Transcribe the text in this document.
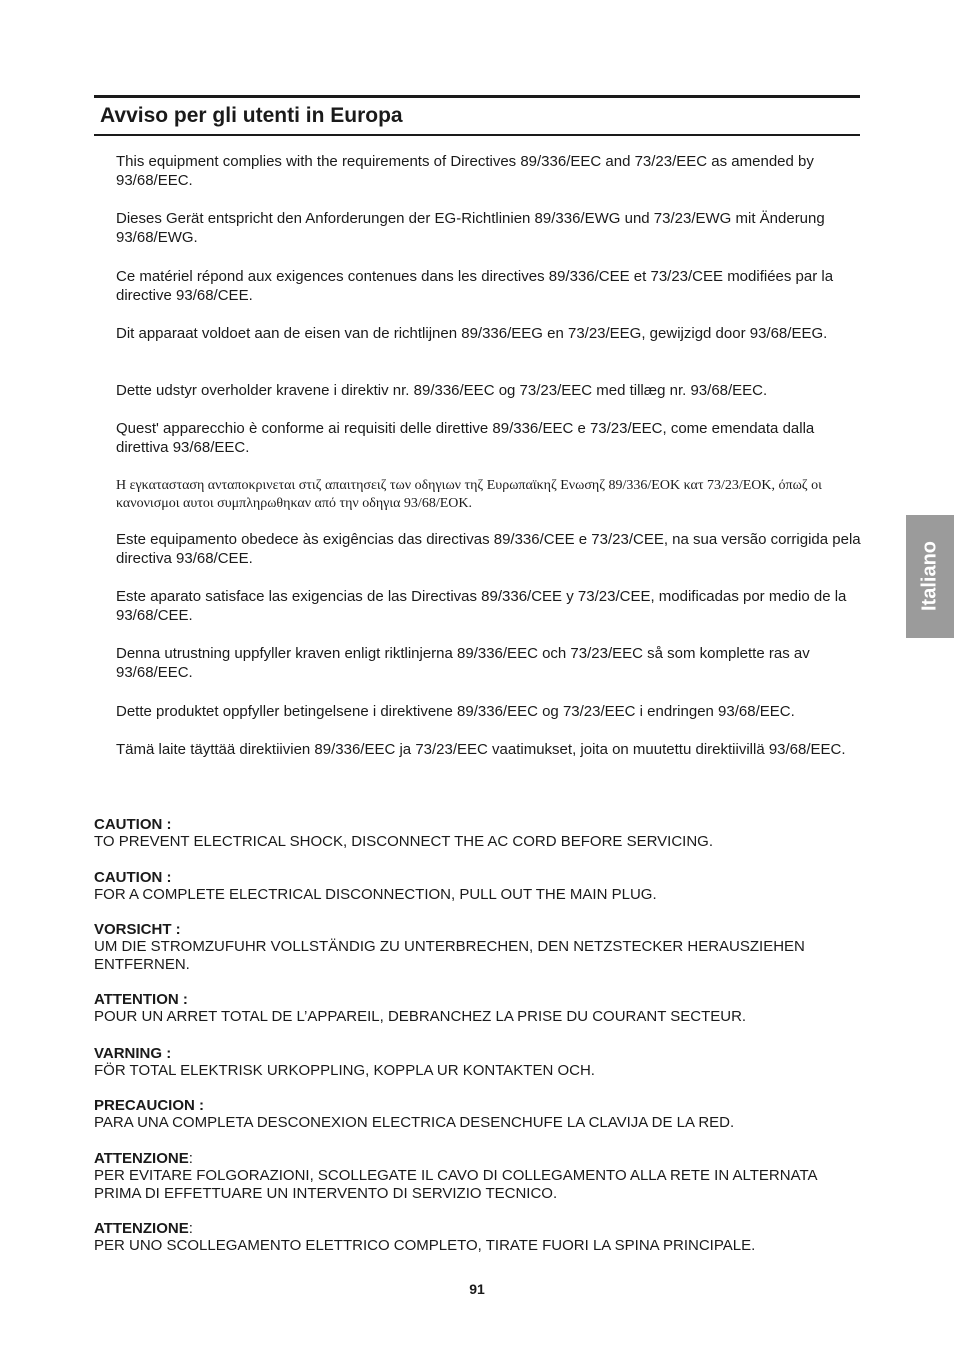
Avviso per gli utenti in Europa

This equipment complies with the requirements of Directives 89/336/EEC and 73/23/EEC as amended by 93/68/EEC.

Dieses Gerät entspricht den Anforderungen der EG-Richtlinien 89/336/EWG und 73/23/EWG mit Änderung 93/68/EWG.

Ce matériel répond aux exigences contenues dans les directives 89/336/CEE et 73/23/CEE modifiées par la directive 93/68/CEE.

Dit apparaat voldoet aan de eisen van de richtlijnen 89/336/EEG en 73/23/EEG, gewijzigd door 93/68/EEG.

Dette udstyr overholder kravene i direktiv nr. 89/336/EEC og 73/23/EEC med tillæg nr. 93/68/EEC.

Quest' apparecchio è conforme ai requisiti delle direttive 89/336/EEC e 73/23/EEC, come emendata dalla direttiva 93/68/EEC.

Η εγκατασταση ανταποκρινεται στιζ απαιτησειζ των οδηγιων τηζ Ευρωπαϊκηζ Ενωσηζ 89/336/ΕΟΚ κατ 73/23/ΕΟΚ, όπωζ οι κανονισμοι αυτοι συμπληρωθηκαν από την οδηγια 93/68/ΕΟΚ.

Este equipamento obedece às exigências das directivas 89/336/CEE e 73/23/CEE, na sua versão corrigida pela directiva 93/68/CEE.

Este aparato satisface las exigencias de las Directivas 89/336/CEE y 73/23/CEE, modificadas por medio de la 93/68/CEE.

Denna utrustning uppfyller kraven enligt riktlinjerna 89/336/EEC och 73/23/EEC så som komplette ras av 93/68/EEC.

Dette produktet oppfyller betingelsene i direktivene 89/336/EEC og 73/23/EEC i endringen 93/68/EEC.

Tämä laite täyttää direktiivien 89/336/EEC ja 73/23/EEC vaatimukset, joita on muutettu direktiivillä 93/68/EEC.

CAUTION :

TO PREVENT ELECTRICAL SHOCK, DISCONNECT THE AC CORD BEFORE SERVICING.

CAUTION :

FOR A COMPLETE ELECTRICAL DISCONNECTION, PULL OUT THE MAIN PLUG.

VORSICHT :

UM DIE STROMZUFUHR VOLLSTÄNDIG ZU UNTERBRECHEN, DEN NETZSTECKER HERAUSZIEHEN ENTFERNEN.

ATTENTION :

POUR UN ARRET TOTAL DE L’APPAREIL, DEBRANCHEZ LA PRISE DU COURANT SECTEUR.

VARNING :

FÖR TOTAL ELEKTRISK URKOPPLING, KOPPLA UR KONTAKTEN OCH.

PRECAUCION :

PARA UNA COMPLETA DESCONEXION ELECTRICA DESENCHUFE LA CLAVIJA DE LA RED.

ATTENZIONE:

PER EVITARE FOLGORAZIONI, SCOLLEGATE IL CAVO DI COLLEGAMENTO ALLA RETE IN ALTERNATA PRIMA DI EFFETTUARE UN INTERVENTO DI SERVIZIO TECNICO.

ATTENZIONE:

PER UNO SCOLLEGAMENTO ELETTRICO COMPLETO, TIRATE FUORI LA SPINA PRINCIPALE.

91
Italiano
